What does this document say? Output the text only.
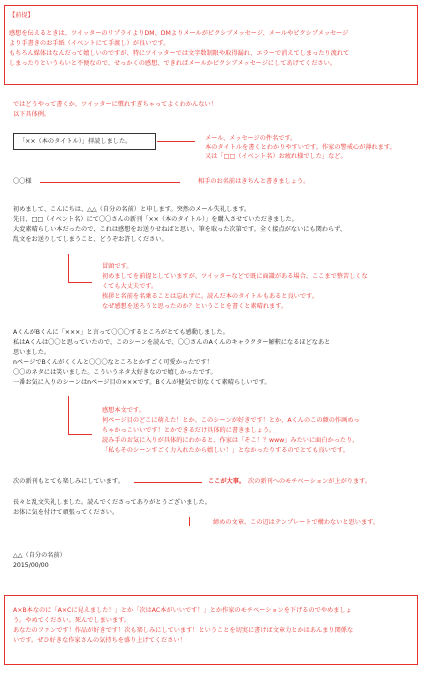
【前提】

感想を伝えるときは、ツイッターのリプライよりDM、DMよりメールがピクシブメッセージ、メールやピクシブメッセージ

より手書きのお手紙（イベントにて手渡し）が良いです。

もちろん媒体はなんだって嬉しいのですが、特にツイッターでは文字数制限や取得漏れ、エラーで消えてしまったり流れて

しまったりというらいと不便なので、せっかくの感想、できればメールかピクシブメッセージにしてあげてください。

ではどうやって書くか、ツイッターに慣れすぎちゃってよくわかんない！

以下具体例。

「××（本のタイトル）」拝読しました。	メール、メッセージの件名です。

本のタイトルを書くとわかりやすいです。作家の警戒心が薄れます。

又は「□□（イベント名）お疲れ様でした」など。

〇〇様	相手のお名前はきちんと書きましょう。

初めまして、こんにちは、△△（自分の名前）と申します。突然のメール失礼します。

先日、□□（イベント名）にて〇〇さんの新刊「××（本のタイトル）」を購入させていただきました。

大変素晴らしい本だったので、これは感想をお送りせねばと思い、筆を取った次第です。全く接点がないにも関わらず、

乱文をお送りしてしまうこと、どうぞお許しください。

冒頭です。

初めましてを前提としていますが、ツイッターなどで既に面識がある場合、ここまで整苦しくな

くても大丈夫です。

挨拶と名前を名乗ることは忘れずに。読んだ本のタイトルもあると良いです。

なぜ感想を送ろうと思ったのか？ということを書くと素晴れます。

AくんがBくんに「×××」と言って〇〇〇するところがとても感動しました。

私はAくんは〇〇と思っていたので、このシーンを読んで、〇〇さんのAくんのキャラクター解釈になるほどなあと

思いました。

nページでBくんがくくんと〇〇〇なところとかすごく可愛かったです！

〇〇のネタには笑いました。こういうネタ大好きなので嬉しかったです。

一番お気に入りのシーンはnページ目の×××です。Bくんが健気で切なくて素晴らしいです。

感想本文です。

何ページ目のどこに萌えた！とか、このシーンが好きです！とか、Aくんのこの顔の作画めっ

ちゃかっこいいです！とかできるだけ具体的に書きましょう。

読み手のお気に入りが具体的にわかると、作家は「そこ！？www」みたいに面白かったり、

「私もそのシーンすごく力入れたから嬉しい！」となかったりするのでとても良いです。

次の新刊もとても楽しみにしています。	ここが大事。 次の新刊へのモチベーションが上がります。

長々と乱文失礼しました。読んでくださってありがとうございました。

お体に気を付けて頑張ってください。

締めの文章。この辺はテンプレートで構わないと思います。

△△（自分の名前）

2015/00/00

A×B本なのに「A×Cに見えました！」とか「次はAC本がいいです！」とか作家のモチベーションを下げるのでやめましょ

う。やめてください。死んでしまいます。

あなたのファンです！作品が好きです！次も楽しみにしています！ということを切実に書けば文章力とかはあんまり関係な

いです。ぜひ好きな作家さんの気持ちを盛り上げてください！
